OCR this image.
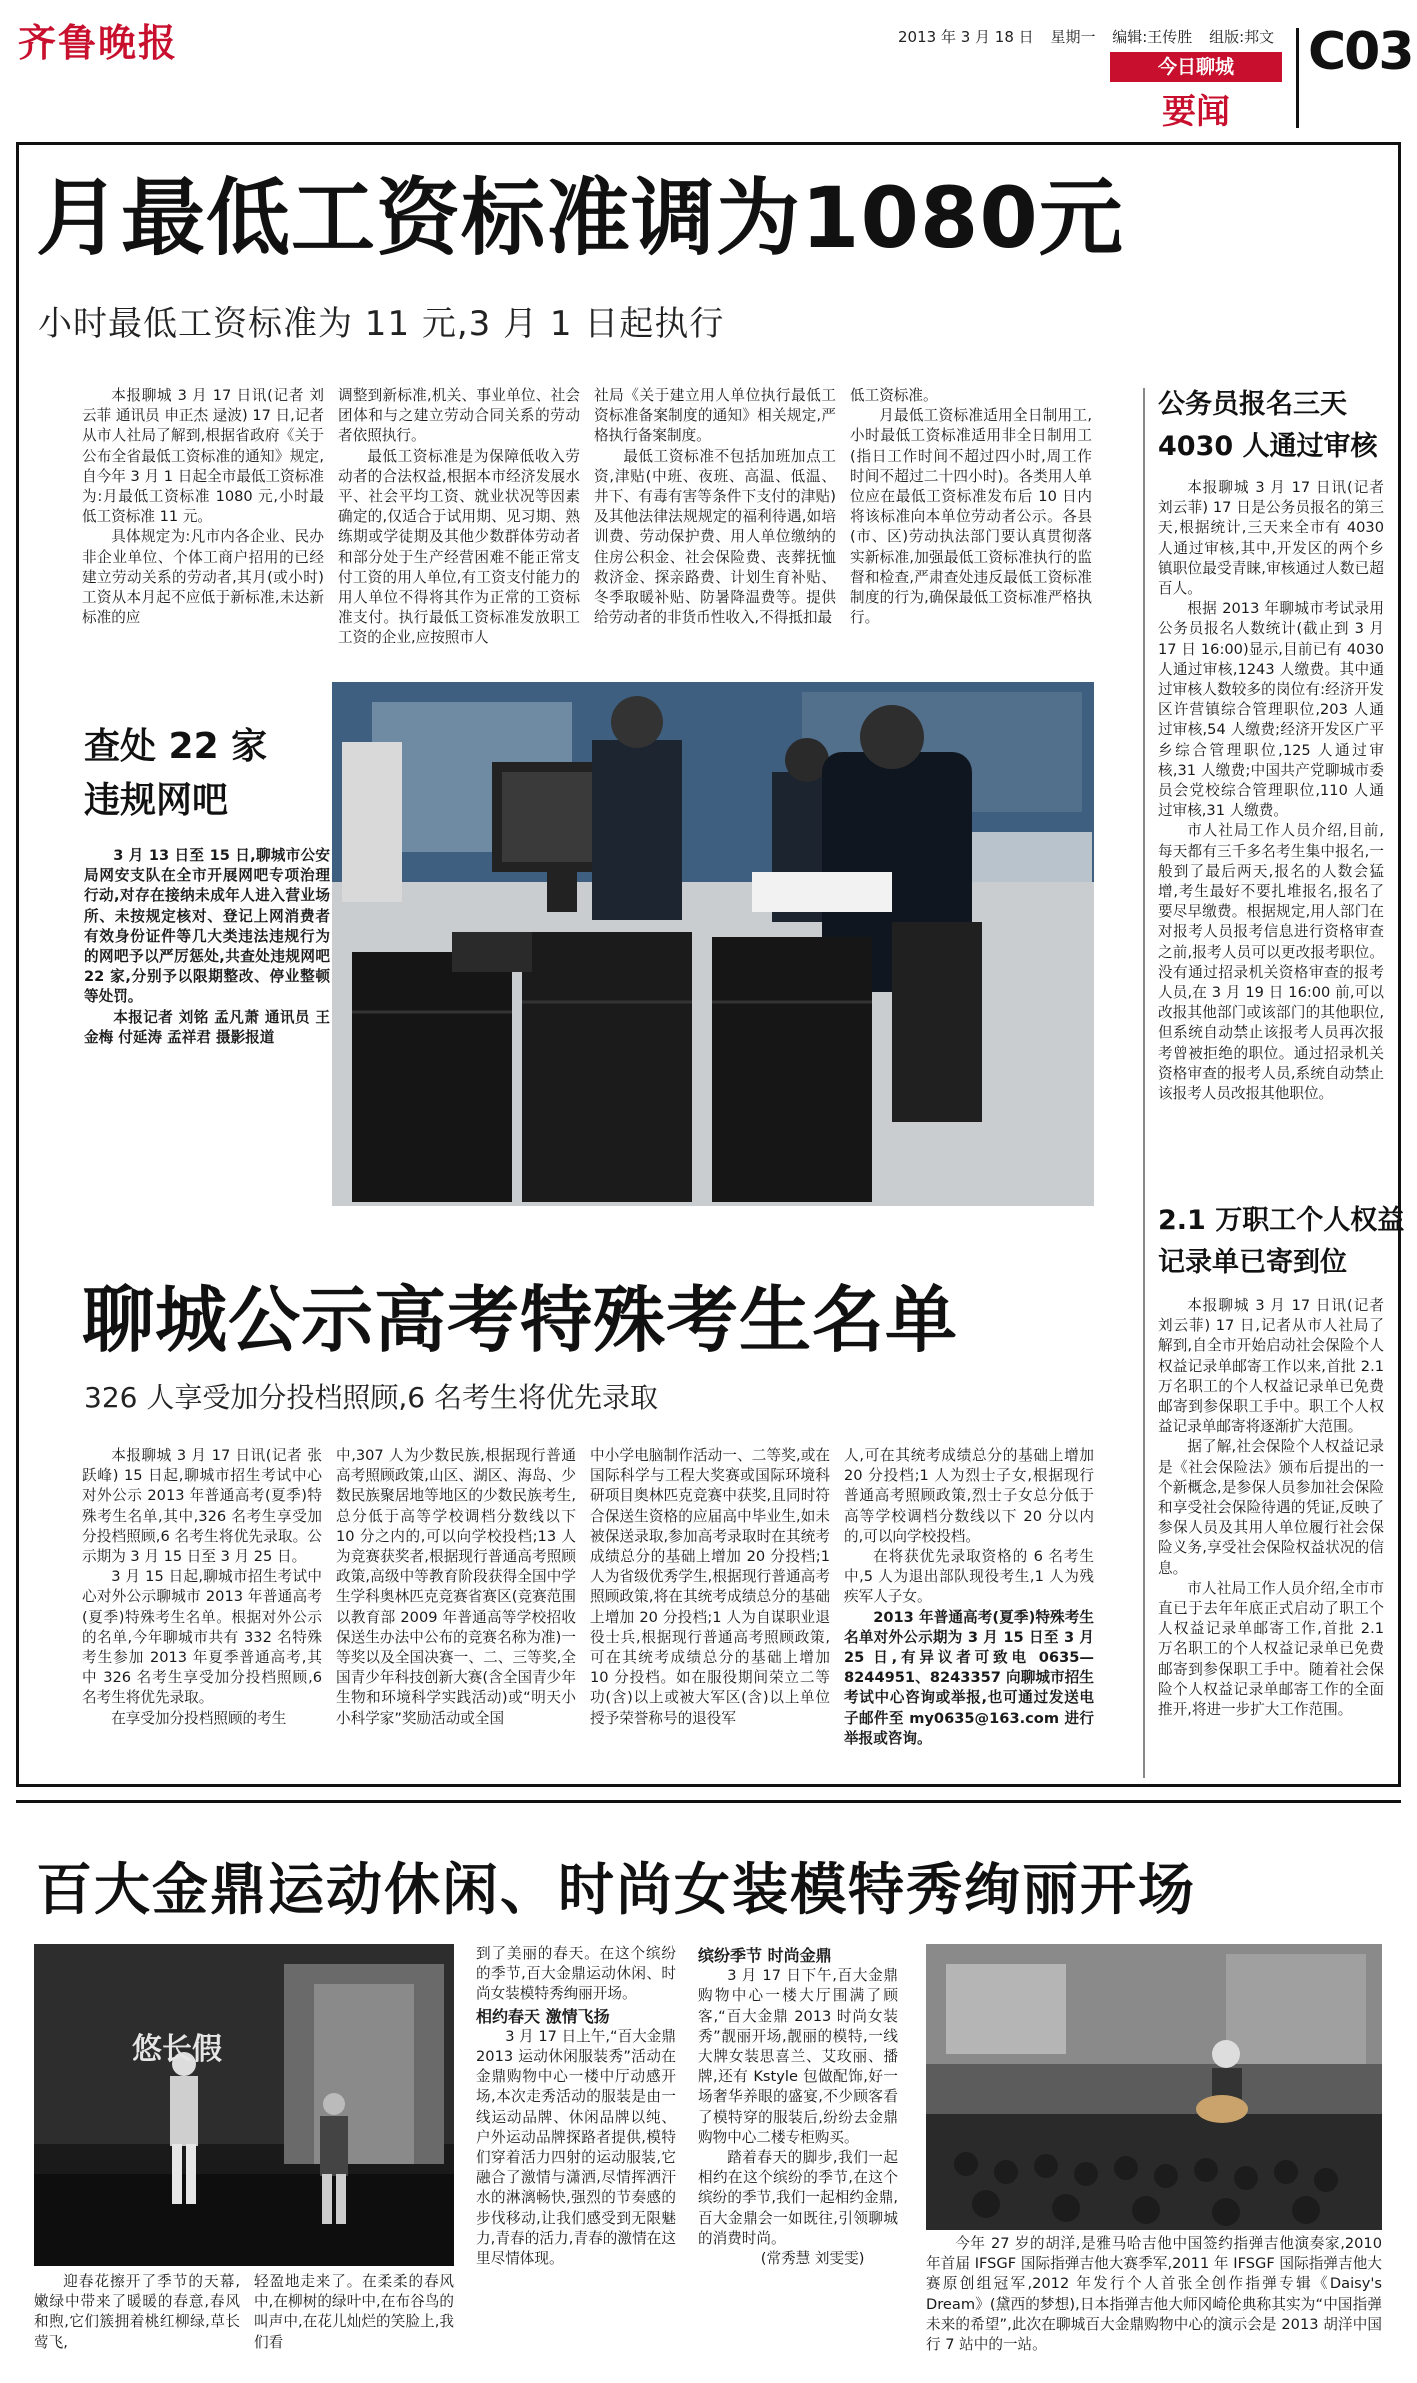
齐鲁晚报	2013 年 3 月 18 日 星期一 编辑:王传胜 组版:邦文
今日聊城
要闻
C03
月最低工资标准调为1080元
小时最低工资标准为 11 元,3 月 1 日起执行

本报聊城 3 月 17 日讯(记者 刘云菲 通讯员 申正杰 逯波) 17 日,记者从市人社局了解到,根据省政府《关于公布全省最低工资标准的通知》规定,自今年 3 月 1 日起全市最低工资标准为:月最低工资标准 1080 元,小时最低工资标准 11 元。

具体规定为:凡市内各企业、民办非企业单位、个体工商户招用的已经建立劳动关系的劳动者,其月(或小时)工资从本月起不应低于新标准,未达新标准的应

调整到新标准,机关、事业单位、社会团体和与之建立劳动合同关系的劳动者依照执行。

最低工资标准是为保障低收入劳动者的合法权益,根据本市经济发展水平、社会平均工资、就业状况等因素确定的,仅适合于试用期、见习期、熟练期或学徒期及其他少数群体劳动者和部分处于生产经营困难不能正常支付工资的用人单位,有工资支付能力的用人单位不得将其作为正常的工资标准支付。执行最低工资标准发放职工工资的企业,应按照市人

社局《关于建立用人单位执行最低工资标准备案制度的通知》相关规定,严格执行备案制度。

最低工资标准不包括加班加点工资,津贴(中班、夜班、高温、低温、井下、有毒有害等条件下支付的津贴)及其他法律法规规定的福利待遇,如培训费、劳动保护费、用人单位缴纳的住房公积金、社会保险费、丧葬抚恤救济金、探亲路费、计划生育补贴、冬季取暖补贴、防暑降温费等。提供给劳动者的非货币性收入,不得抵扣最

低工资标准。

月最低工资标准适用全日制用工,小时最低工资标准适用非全日制用工(指日工作时间不超过四小时,周工作时间不超过二十四小时)。各类用人单位应在最低工资标准发布后 10 日内将该标准向本单位劳动者公示。各县(市、区)劳动执法部门要认真贯彻落实新标准,加强最低工资标准执行的监督和检查,严肃查处违反最低工资标准制度的行为,确保最低工资标准严格执行。

查处 22 家
违规网吧

3 月 13 日至 15 日,聊城市公安局网安支队在全市开展网吧专项治理行动,对存在接纳未成年人进入营业场所、未按规定核对、登记上网消费者有效身份证件等几大类违法违规行为的网吧予以严厉惩处,共查处违规网吧 22 家,分别予以限期整改、停业整顿等处罚。

本报记者 刘铭 孟凡萧 通讯员 王金梅 付延涛 孟祥君 摄影报道

公务员报名三天
4030 人通过审核

本报聊城 3 月 17 日讯(记者 刘云菲) 17 日是公务员报名的第三天,根据统计,三天来全市有 4030 人通过审核,其中,开发区的两个乡镇职位最受青睐,审核通过人数已超百人。

根据 2013 年聊城市考试录用公务员报名人数统计(截止到 3 月 17 日 16:00)显示,目前已有 4030 人通过审核,1243 人缴费。其中通过审核人数较多的岗位有:经济开发区许营镇综合管理职位,203 人通过审核,54 人缴费;经济开发区广平乡综合管理职位,125 人通过审核,31 人缴费;中国共产党聊城市委员会党校综合管理职位,110 人通过审核,31 人缴费。

市人社局工作人员介绍,目前,每天都有三千多名考生集中报名,一般到了最后两天,报名的人数会猛增,考生最好不要扎堆报名,报名了要尽早缴费。根据规定,用人部门在对报考人员报考信息进行资格审查之前,报考人员可以更改报考职位。没有通过招录机关资格审查的报考人员,在 3 月 19 日 16:00 前,可以改报其他部门或该部门的其他职位,但系统自动禁止该报考人员再次报考曾被拒绝的职位。通过招录机关资格审查的报考人员,系统自动禁止该报考人员改报其他职位。

2.1 万职工个人权益
记录单已寄到位

本报聊城 3 月 17 日讯(记者 刘云菲) 17 日,记者从市人社局了解到,自全市开始启动社会保险个人权益记录单邮寄工作以来,首批 2.1 万名职工的个人权益记录单已免费邮寄到参保职工手中。职工个人权益记录单邮寄将逐渐扩大范围。

据了解,社会保险个人权益记录是《社会保险法》颁布后提出的一个新概念,是参保人员参加社会保险和享受社会保险待遇的凭证,反映了参保人员及其用人单位履行社会保险义务,享受社会保险权益状况的信息。

市人社局工作人员介绍,全市市直已于去年年底正式启动了职工个人权益记录单邮寄工作,首批 2.1 万名职工的个人权益记录单已免费邮寄到参保职工手中。随着社会保险个人权益记录单邮寄工作的全面推开,将进一步扩大工作范围。

聊城公示高考特殊考生名单
326 人享受加分投档照顾,6 名考生将优先录取

本报聊城 3 月 17 日讯(记者 张跃峰) 15 日起,聊城市招生考试中心对外公示 2013 年普通高考(夏季)特殊考生名单,其中,326 名考生享受加分投档照顾,6 名考生将优先录取。公示期为 3 月 15 日至 3 月 25 日。

3 月 15 日起,聊城市招生考试中心对外公示聊城市 2013 年普通高考(夏季)特殊考生名单。根据对外公示的名单,今年聊城市共有 332 名特殊考生参加 2013 年夏季普通高考,其中 326 名考生享受加分投档照顾,6 名考生将优先录取。

在享受加分投档照顾的考生

中,307 人为少数民族,根据现行普通高考照顾政策,山区、湖区、海岛、少数民族聚居地等地区的少数民族考生,总分低于高等学校调档分数线以下 10 分之内的,可以向学校投档;13 人为竞赛获奖者,根据现行普通高考照顾政策,高级中等教育阶段获得全国中学生学科奥林匹克竞赛省赛区(竞赛范围以教育部 2009 年普通高等学校招收保送生办法中公布的竞赛名称为准)一等奖以及全国决赛一、二、三等奖,全国青少年科技创新大赛(含全国青少年生物和环境科学实践活动)或“明天小小科学家”奖励活动或全国

中小学电脑制作活动一、二等奖,或在国际科学与工程大奖赛或国际环境科研项目奥林匹克竞赛中获奖,且同时符合保送生资格的应届高中毕业生,如未被保送录取,参加高考录取时在其统考成绩总分的基础上增加 20 分投档;1 人为省级优秀学生,根据现行普通高考照顾政策,将在其统考成绩总分的基础上增加 20 分投档;1 人为自谋职业退役士兵,根据现行普通高考照顾政策,可在其统考成绩总分的基础上增加 10 分投档。如在服役期间荣立二等功(含)以上或被大军区(含)以上单位授予荣誉称号的退役军

人,可在其统考成绩总分的基础上增加 20 分投档;1 人为烈士子女,根据现行普通高考照顾政策,烈士子女总分低于高等学校调档分数线以下 20 分以内的,可以向学校投档。

在将获优先录取资格的 6 名考生中,5 人为退出部队现役考生,1 人为残疾军人子女。

2013 年普通高考(夏季)特殊考生名单对外公示期为 3 月 15 日至 3 月 25 日,有异议者可致电 0635—8244951、8243357 向聊城市招生考试中心咨询或举报,也可通过发送电子邮件至 my0635@163.com 进行举报或咨询。

百大金鼎运动休闲、时尚女装模特秀绚丽开场
悠长假

迎春花擦开了季节的天幕,嫩绿中带来了暖暖的春意,春风和煦,它们簇拥着桃红柳绿,草长莺飞,

轻盈地走来了。在柔柔的春风中,在柳树的绿叶中,在布谷鸟的叫声中,在花儿灿烂的笑脸上,我们看

到了美丽的春天。在这个缤纷的季节,百大金鼎运动休闲、时尚女装模特秀绚丽开场。

相约春天 激情飞扬

3 月 17 日上午,“百大金鼎 2013 运动休闲服装秀”活动在金鼎购物中心一楼中厅动感开场,本次走秀活动的服装是由一线运动品牌、休闲品牌以纯、户外运动品牌探路者提供,模特们穿着活力四射的运动服装,它融合了激情与潇洒,尽情挥洒汗水的淋漓畅快,强烈的节奏感的步伐移动,让我们感受到无限魅力,青春的活力,青春的激情在这里尽情体现。

缤纷季节 时尚金鼎

3 月 17 日下午,百大金鼎购物中心一楼大厅围满了顾客,“百大金鼎 2013 时尚女装秀”靓丽开场,靓丽的模特,一线大牌女装思喜兰、艾玫丽、播牌,还有 Kstyle 包做配饰,好一场奢华养眼的盛宴,不少顾客看了模特穿的服装后,纷纷去金鼎购物中心二楼专柜购买。

踏着春天的脚步,我们一起相约在这个缤纷的季节,在这个缤纷的季节,我们一起相约金鼎,百大金鼎会一如既往,引领聊城的消费时尚。

(常秀慧 刘雯雯)

今年 27 岁的胡洋,是雅马哈吉他中国签约指弹吉他演奏家,2010 年首届 IFSGF 国际指弹吉他大赛季军,2011 年 IFSGF 国际指弹吉他大赛原创组冠军,2012 年发行个人首张全创作指弹专辑《Daisy's Dream》(黛西的梦想),日本指弹吉他大师冈崎伦典称其实为“中国指弹未来的希望”,此次在聊城百大金鼎购物中心的演示会是 2013 胡洋中国行 7 站中的一站。
